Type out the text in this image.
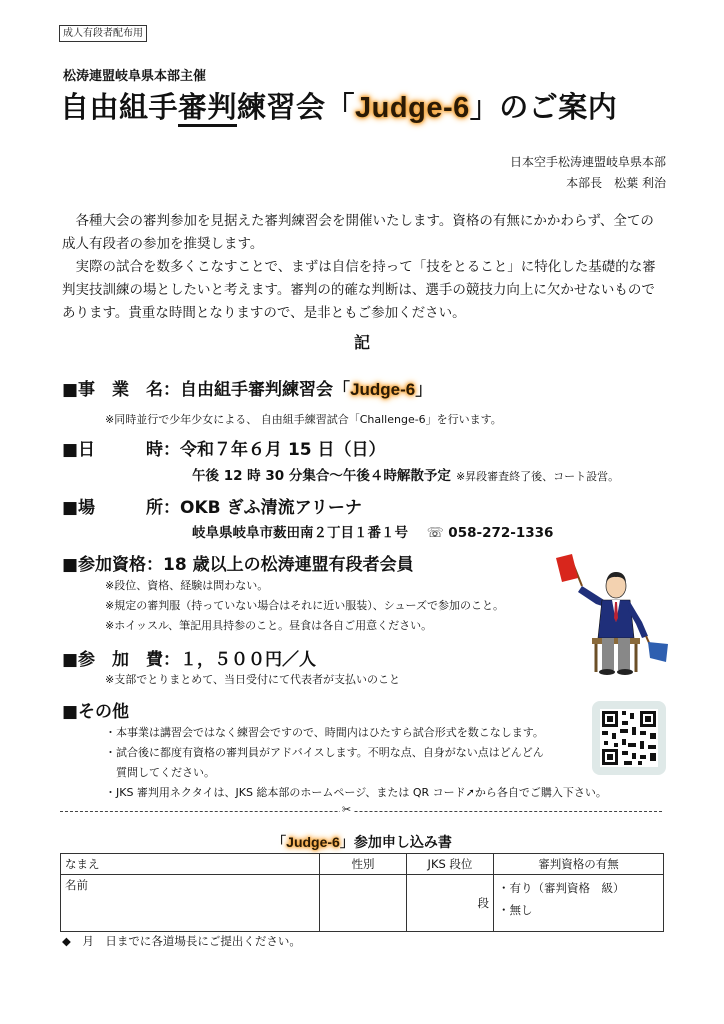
成人有段者配布用
松涛連盟岐阜県本部主催
自由組手審判練習会「Judge-6」のご案内
日本空手松涛連盟岐阜県本部
本部長　松葉 利治

各種大会の審判参加を見据えた審判練習会を開催いたします。資格の有無にかかわらず、全ての成人有段者の参加を推奨します。

実際の試合を数多くこなすことで、まずは自信を持って「技をとること」に特化した基礎的な審判実技訓練の場としたいと考えます。審判の的確な判断は、選手の競技力向上に欠かせないものであります。貴重な時間となりますので、是非ともご参加ください。

記
■事　業　名：自由組手審判練習会「Judge-6」
※同時並行で少年少女による、 自由組手練習試合「Challenge-6」を行います。
■日　　　時：令和７年６月 15 日（日）
午後 12 時 30 分集合～午後４時解散予定 ※昇段審査終了後、コート設営。
■場　　　所：OKB ぎふ清流アリーナ
岐阜県岐阜市薮田南２丁目１番１号 ☏ 058-272-1336
■参加資格：18 歳以上の松涛連盟有段者会員
※段位、資格、経験は問わない。
※規定の審判服（持っていない場合はそれに近い服装）、シューズで参加のこと。
※ホイッスル、筆記用具持参のこと。昼食は各自ご用意ください。
■参　加　費：１，５００円／人
※支部でとりまとめて、当日受付にて代表者が支払いのこと
■その他
・本事業は講習会ではなく練習会ですので、時間内はひたすら試合形式を数こなします。
・試合後に都度有資格の審判員がアドバイスします。不明な点、自身がない点はどんどん
　質問してください。
・JKS 審判用ネクタイは、JKS 総本部のホームページ、または QR コード➚から各自でご購入下さい。
✂
「Judge-6」参加申し込み書
なまえ	性別	JKS 段位	審判資格の有無
名前		段	・有り（審判資格　級）
・無し
◆　月　日までに各道場長にご提出ください。
